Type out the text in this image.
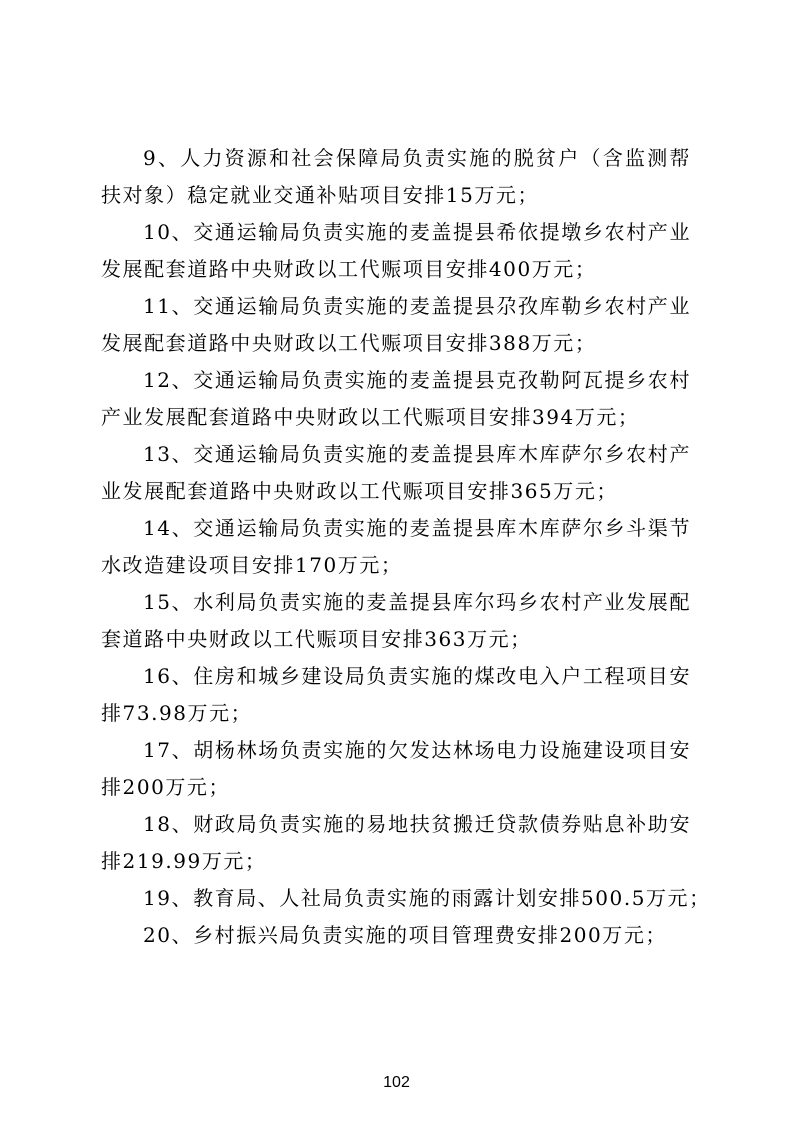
9、人力资源和社会保障局负责实施的脱贫户（含监测帮扶对象）稳定就业交通补贴项目安排15万元；

10、交通运输局负责实施的麦盖提县希依提墩乡农村产业发展配套道路中央财政以工代赈项目安排400万元；

11、交通运输局负责实施的麦盖提县尕孜库勒乡农村产业发展配套道路中央财政以工代赈项目安排388万元；

12、交通运输局负责实施的麦盖提县克孜勒阿瓦提乡农村产业发展配套道路中央财政以工代赈项目安排394万元；

13、交通运输局负责实施的麦盖提县库木库萨尔乡农村产业发展配套道路中央财政以工代赈项目安排365万元；

14、交通运输局负责实施的麦盖提县库木库萨尔乡斗渠节水改造建设项目安排170万元；

15、水利局负责实施的麦盖提县库尔玛乡农村产业发展配套道路中央财政以工代赈项目安排363万元；

16、住房和城乡建设局负责实施的煤改电入户工程项目安排73.98万元；

17、胡杨林场负责实施的欠发达林场电力设施建设项目安排200万元；

18、财政局负责实施的易地扶贫搬迁贷款债券贴息补助安排219.99万元；

19、教育局、人社局负责实施的雨露计划安排500.5万元；

20、乡村振兴局负责实施的项目管理费安排200万元；

102
